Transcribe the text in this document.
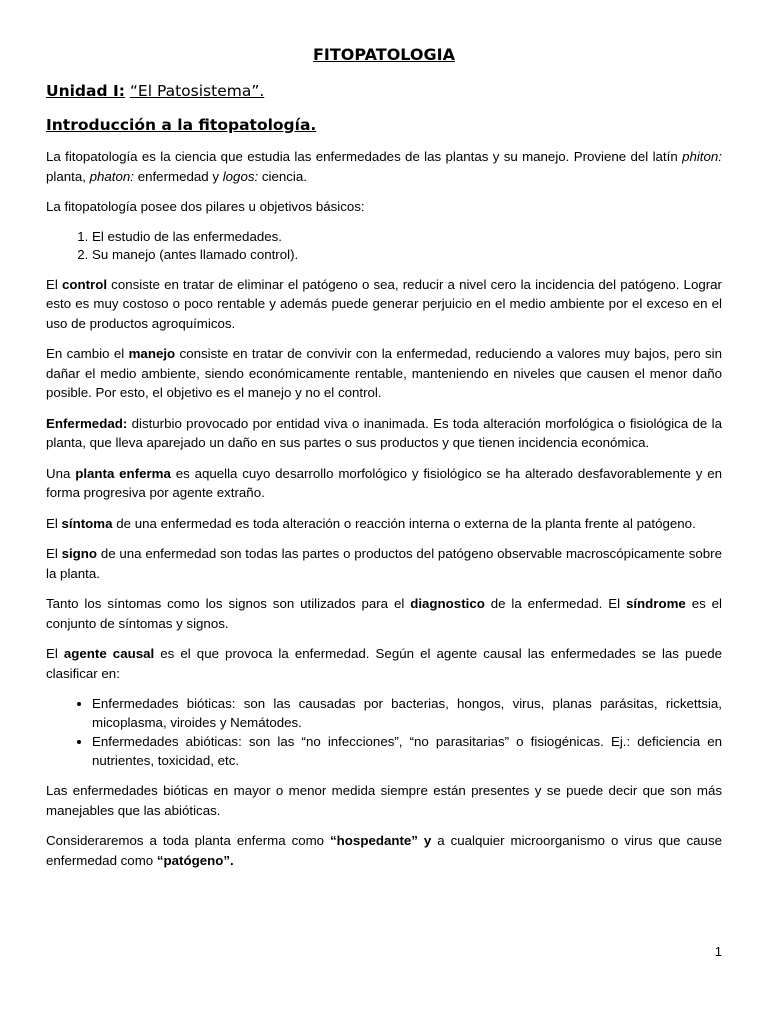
FITOPATOLOGIA
Unidad I: “El Patosistema”.
Introducción a la fitopatología.

La fitopatología es la ciencia que estudia las enfermedades de las plantas y su manejo. Proviene del latín phiton: planta, phaton: enfermedad y logos: ciencia.

La fitopatología posee dos pilares u objetivos básicos:

1. El estudio de las enfermedades.
2. Su manejo (antes llamado control).

El control consiste en tratar de eliminar el patógeno o sea, reducir a nivel cero la incidencia del patógeno. Lograr esto es muy costoso o poco rentable y además puede generar perjuicio en el medio ambiente por el exceso en el uso de productos agroquímicos.

En cambio el manejo consiste en tratar de convivir con la enfermedad, reduciendo a valores muy bajos, pero sin dañar el medio ambiente, siendo económicamente rentable, manteniendo en niveles que causen el menor daño posible. Por esto, el objetivo es el manejo y no el control.

Enfermedad: disturbio provocado por entidad viva o inanimada. Es toda alteración morfológica o fisiológica de la planta, que lleva aparejado un daño en sus partes o sus productos y que tienen incidencia económica.

Una planta enferma es aquella cuyo desarrollo morfológico y fisiológico se ha alterado desfavorablemente y en forma progresiva por agente extraño.

El síntoma de una enfermedad es toda alteración o reacción interna o externa de la planta frente al patógeno.

El signo de una enfermedad son todas las partes o productos del patógeno observable macroscópicamente sobre la planta.

Tanto los síntomas como los signos son utilizados para el diagnostico de la enfermedad. El síndrome es el conjunto de síntomas y signos.

El agente causal es el que provoca la enfermedad. Según el agente causal las enfermedades se las puede clasificar en:

• Enfermedades bióticas: son las causadas por bacterias, hongos, virus, planas parásitas, rickettsia, micoplasma, viroides y Nemátodes.
• Enfermedades abióticas: son las “no infecciones”, “no parasitarias” o fisiogénicas. Ej.: deficiencia en nutrientes, toxicidad, etc.

Las enfermedades bióticas en mayor o menor medida siempre están presentes y se puede decir que son más manejables que las abióticas.

Consideraremos a toda planta enferma como “hospedante” y a cualquier microorganismo o virus que cause enfermedad como “patógeno”.

1
